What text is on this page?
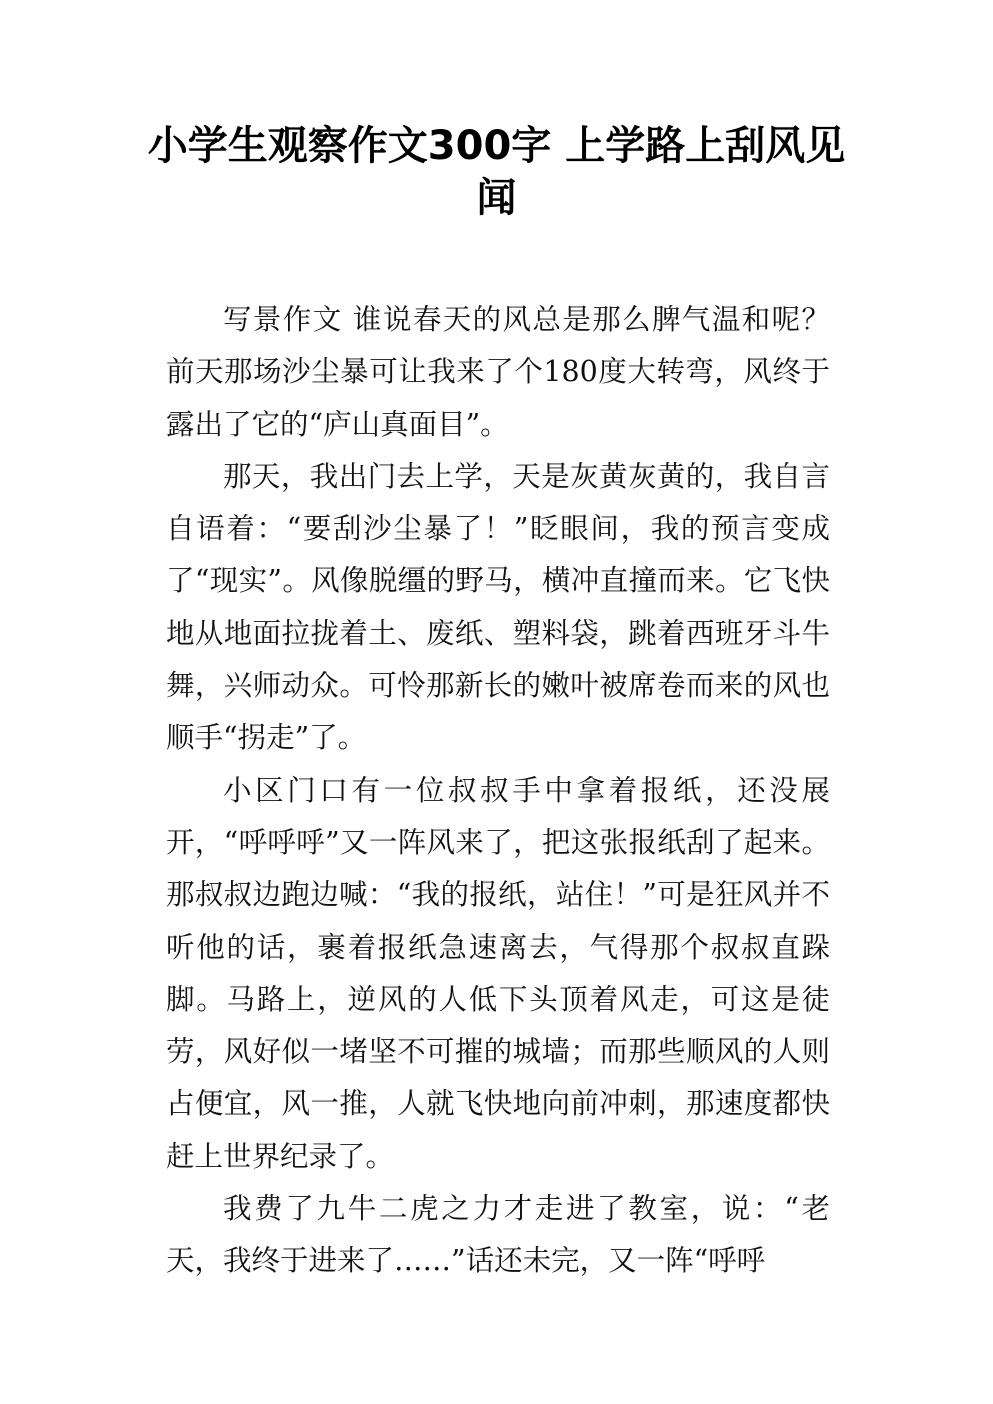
小学生观察作文300字 上学路上刮风见闻

写景作文 谁说春天的风总是那么脾气温和呢？前天那场沙尘暴可让我来了个180度大转弯，风终于露出了它的“庐山真面目”。

那天，我出门去上学，天是灰黄灰黄的，我自言自语着：“要刮沙尘暴了！”眨眼间，我的预言变成了“现实”。风像脱缰的野马，横冲直撞而来。它飞快地从地面拉拢着土、废纸、塑料袋，跳着西班牙斗牛舞，兴师动众。可怜那新长的嫩叶被席卷而来的风也顺手“拐走”了。

小区门口有一位叔叔手中拿着报纸，还没展开，“呼呼呼”又一阵风来了，把这张报纸刮了起来。那叔叔边跑边喊：“我的报纸，站住！”可是狂风并不听他的话，裹着报纸急速离去，气得那个叔叔直跺脚。马路上，逆风的人低下头顶着风走，可这是徒劳，风好似一堵坚不可摧的城墙；而那些顺风的人则占便宜，风一推，人就飞快地向前冲刺，那速度都快赶上世界纪录了。

我费了九牛二虎之力才走进了教室，说：“老天，我终于进来了……”话还未完，又一阵“呼呼
